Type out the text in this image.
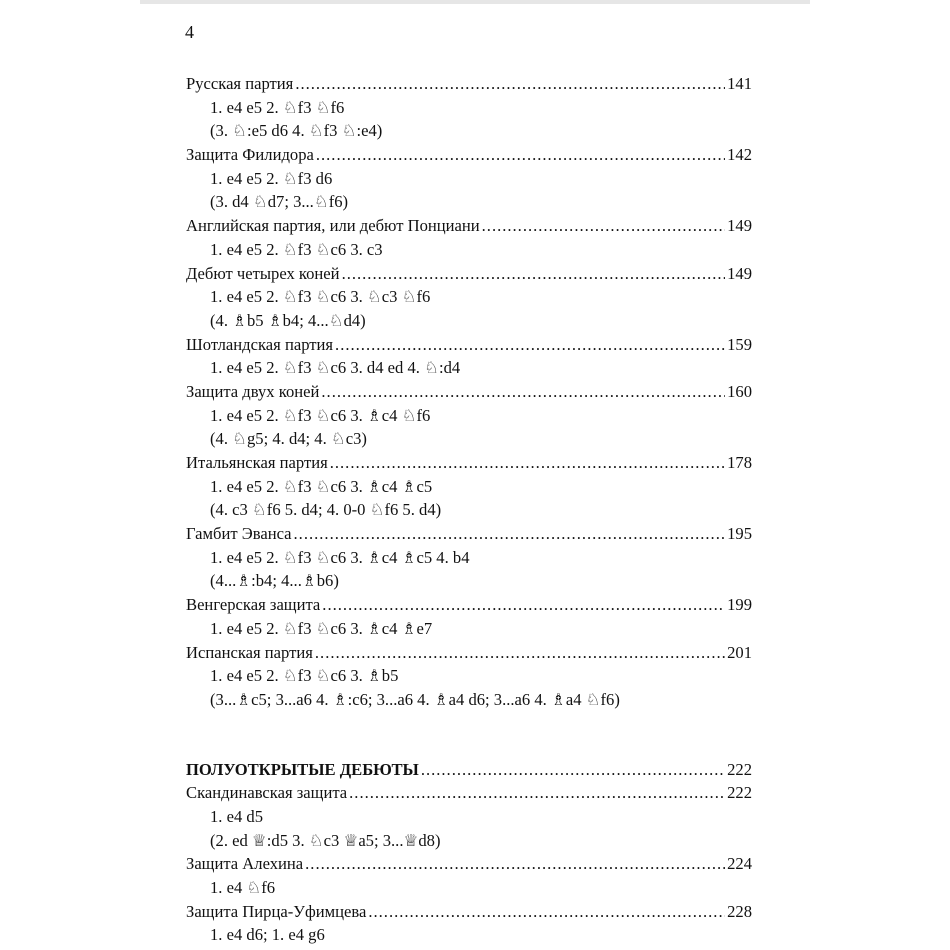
4
Русская партия .....	141
1. e4 e5 2. ♘f3 ♘f6
(3. ♘:e5 d6 4. ♘f3 ♘:e4)
Защита Филидора .....	142
1. e4 e5 2. ♘f3 d6
(3. d4 ♘d7; 3...♘f6)
Английская партия, или дебют Понциани .....	149
1. e4 e5 2. ♘f3 ♘c6 3. c3
Дебют четырех коней .....	149
1. e4 e5 2. ♘f3 ♘c6 3. ♘c3 ♘f6
(4. ♗b5 ♗b4; 4...♘d4)
Шотландская партия .....	159
1. e4 e5 2. ♘f3 ♘c6 3. d4 ed 4. ♘:d4
Защита двух коней .....	160
1. e4 e5 2. ♘f3 ♘c6 3. ♗c4 ♘f6
(4. ♘g5; 4. d4; 4. ♘c3)
Итальянская партия .....	178
1. e4 e5 2. ♘f3 ♘c6 3. ♗c4 ♗c5
(4. c3 ♘f6 5. d4; 4. 0-0 ♘f6 5. d4)
Гамбит Эванса .....	195
1. e4 e5 2. ♘f3 ♘c6 3. ♗c4 ♗c5 4. b4
(4...♗:b4; 4...♗b6)
Венгерская защита .....	199
1. e4 e5 2. ♘f3 ♘c6 3. ♗c4 ♗e7
Испанская партия .....	201
1. e4 e5 2. ♘f3 ♘c6 3. ♗b5
(3...♗c5; 3...a6 4. ♗:c6; 3...a6 4. ♗a4 d6; 3...a6 4. ♗a4 ♘f6)
ПОЛУОТКРЫТЫЕ ДЕБЮТЫ .....	222
Скандинавская защита .....	222
1. e4 d5
(2. ed ♕:d5 3. ♘c3 ♕a5; 3...♕d8)
Защита Алехина .....	224
1. e4 ♘f6
Защита Пирца-Уфимцева .....	228
1. e4 d6; 1. e4 g6
